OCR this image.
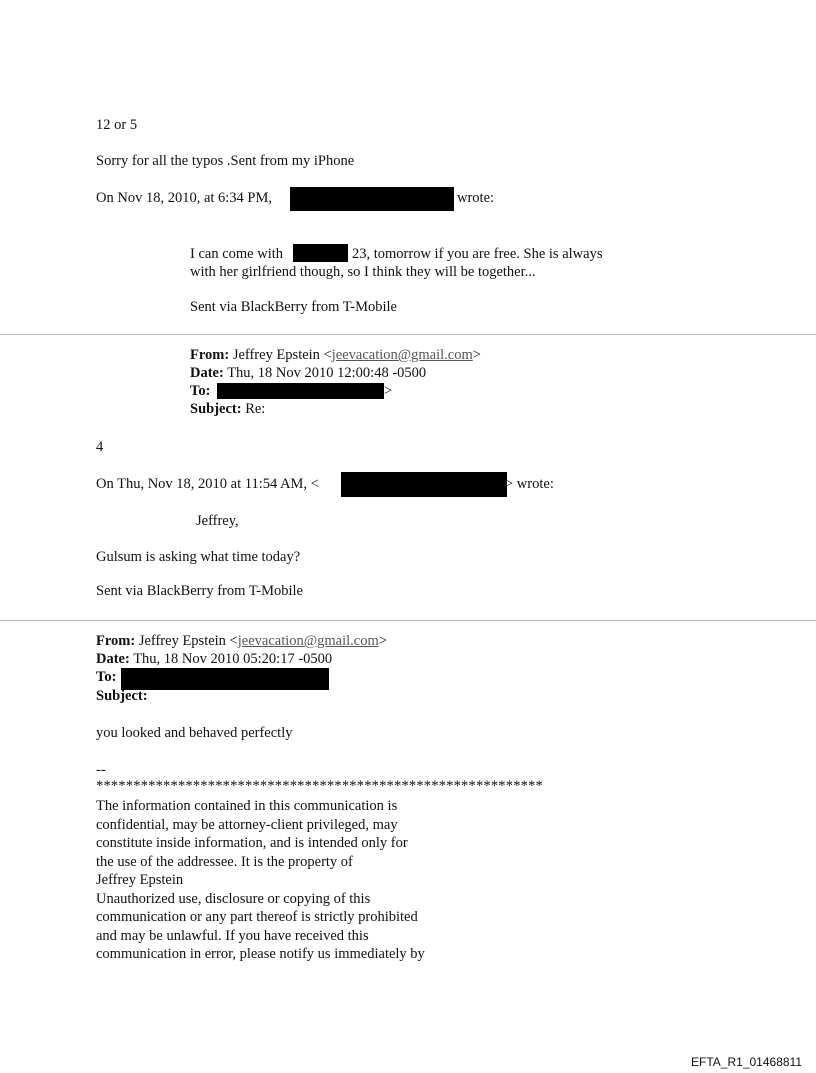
12 or 5
Sorry for all the typos .Sent from my iPhone
On Nov 18, 2010, at 6:34 PM,	wrote:
I can come with	23, tomorrow if you are free. She is always
with her girlfriend though, so I think they will be together...
Sent via BlackBerry from T-Mobile
From: Jeffrey Epstein <jeevacation@gmail.com>
Date: Thu, 18 Nov 2010 12:00:48 -0500
To:	>
Subject: Re:
4
On Thu, Nov 18, 2010 at 11:54 AM, <	> wrote:
Jeffrey,
Gulsum is asking what time today?
Sent via BlackBerry from T-Mobile
From: Jeffrey Epstein <jeevacation@gmail.com>
Date: Thu, 18 Nov 2010 05:20:17 -0500
To:
Subject:
you looked and behaved perfectly
--
************************************************************
The information contained in this communication is
confidential, may be attorney-client privileged, may
constitute inside information, and is intended only for
the use of the addressee. It is the property of
Jeffrey Epstein
Unauthorized use, disclosure or copying of this
communication or any part thereof is strictly prohibited
and may be unlawful. If you have received this
communication in error, please notify us immediately by
EFTA_R1_01468811
